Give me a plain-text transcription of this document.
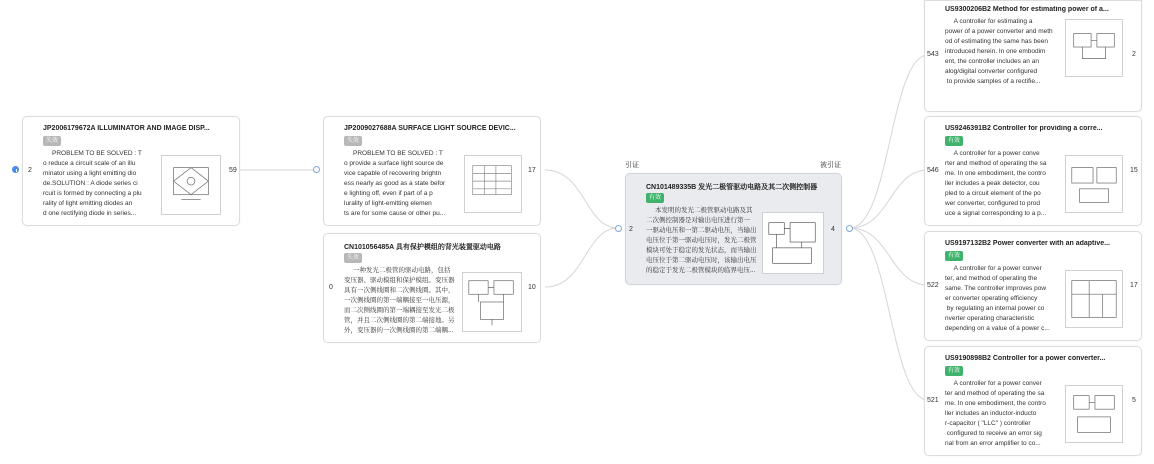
引证	被引证
JP2006179672A ILLUMINATOR AND IMAGE DISP...
失效
PROBLEM TO BE SOLVED : T
o reduce a circuit scale of an illu
minator using a light emitting dio
de.SOLUTION : A diode series ci
rcuit is formed by connecting a plu
rality of light emitting diodes an
d one rectifying diode in series...
2	59
JP2009027688A SURFACE LIGHT SOURCE DEVIC...
失效
PROBLEM TO BE SOLVED : T
o provide a surface light source de
vice capable of recovering brightn
ess nearly as good as a state befor
e lighting off, even if part of a p
lurality of light-emitting elemen
ts are for some cause or other pu...
17
CN101056485A 具有保护模组的背光装置驱动电路
失效
一种发光二极管的驱动电路，包括
变压器、驱动模组和保护模组。变压器
具有一次侧线圈和二次侧线圈。其中，
一次侧线圈的第一端耦接至一电压源，
而二次侧线圈的第一端耦接至发光二极
管，并且二次侧线圈的第二端接地。另
外，变压器的一次侧线圈的第二端耦...
0	10
CN101489335B 发光二极管驱动电路及其二次侧控制器
有效
本发明的发光二极管驱动电路及其
二次侧控制器是对输出电压进行第一
一驱动电压和一第二驱动电压，当输出
电压位于第一驱动电压时，发光二极管
模块可处于稳定的发光状态，而当输出
电压位于第二驱动电压时，该输出电压
的稳定于发光二极管模块的临界电压...
2	4
US9300206B2 Method for estimating power of a...
A controller for estimating a
power of a power converter and meth
od of estimating the same has been
introduced herein. In one embodim
ent, the controller includes an an
alog/digital converter configured
to provide samples of a rectifie...
543	2
US9246391B2 Controller for providing a corre...
有效
A controller for a power conve
rter and method of operating the sa
me. In one embodiment, the contro
ller includes a peak detector, cou
pled to a circuit element of the po
wer converter, configured to prod
uce a signal corresponding to a p...
546	15
US9197132B2 Power converter with an adaptive...
有效
A controller for a power conver
ter, and method of operating the
same. The controller improves pow
er converter operating efficiency
by regulating an internal power co
nverter operating characteristic
depending on a value of a power c...
522	17
US9190898B2 Controller for a power converter...
有效
A controller for a power conver
ter and method of operating the sa
me. In one embodiment, the contro
ller includes an inductor-inducto
r-capacitor ( "LLC" ) controller
configured to receive an error sig
nal from an error amplifier to co...
521	5
